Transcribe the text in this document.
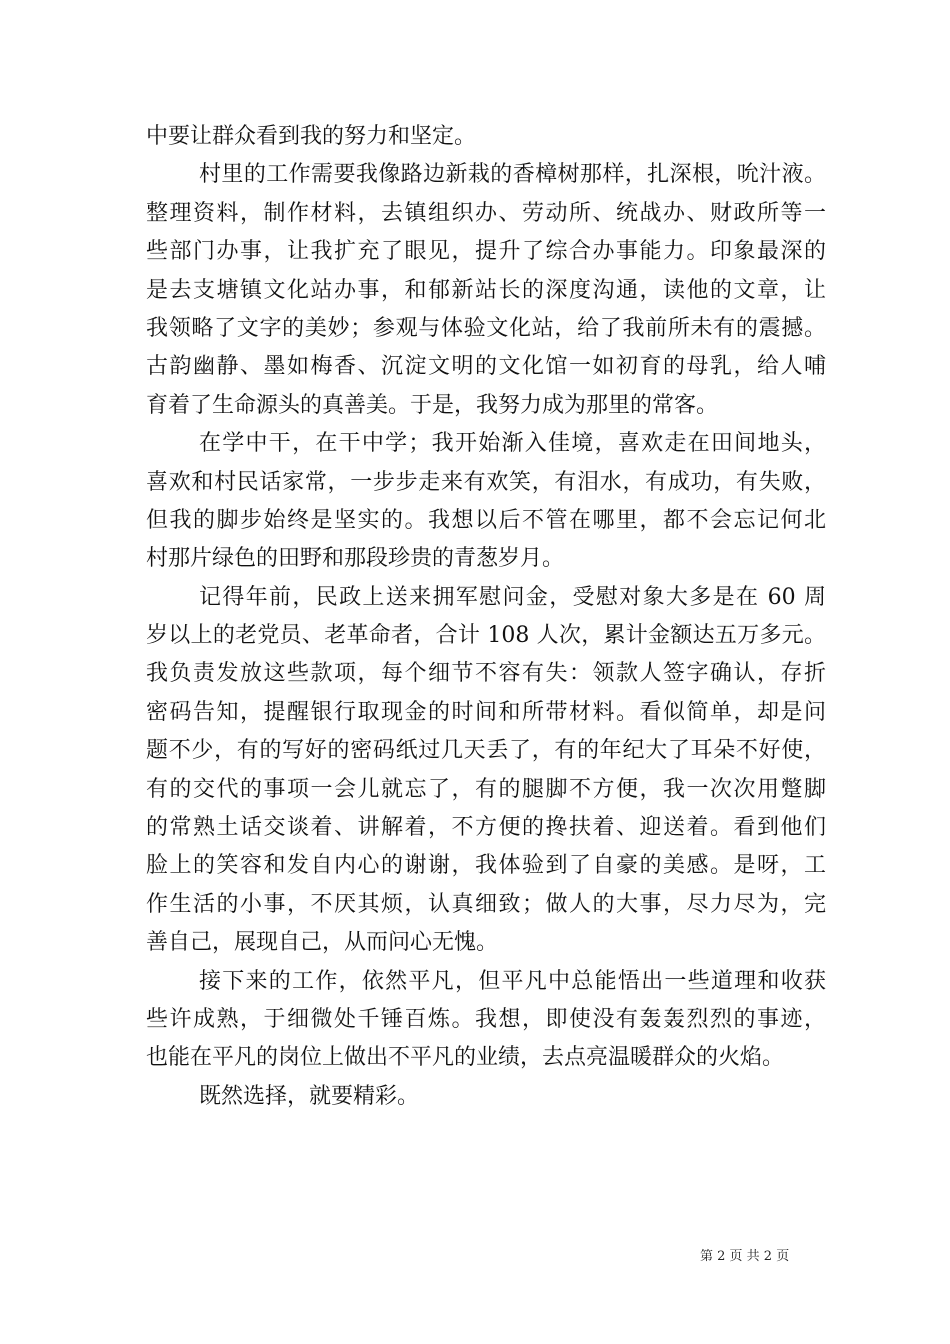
中要让群众看到我的努力和坚定。
村里的工作需要我像路边新栽的香樟树那样，扎深根，吮汁液。
整理资料，制作材料，去镇组织办、劳动所、统战办、财政所等一
些部门办事，让我扩充了眼见，提升了综合办事能力。印象最深的
是去支塘镇文化站办事，和郁新站长的深度沟通，读他的文章，让
我领略了文字的美妙；参观与体验文化站，给了我前所未有的震撼。
古韵幽静、墨如梅香、沉淀文明的文化馆一如初育的母乳，给人哺
育着了生命源头的真善美。于是，我努力成为那里的常客。
在学中干，在干中学；我开始渐入佳境，喜欢走在田间地头，
喜欢和村民话家常，一步步走来有欢笑，有泪水，有成功，有失败，
但我的脚步始终是坚实的。我想以后不管在哪里，都不会忘记何北
村那片绿色的田野和那段珍贵的青葱岁月。
记得年前，民政上送来拥军慰问金，受慰对象大多是在 60 周
岁以上的老党员、老革命者，合计 108 人次，累计金额达五万多元。
我负责发放这些款项，每个细节不容有失：领款人签字确认，存折
密码告知，提醒银行取现金的时间和所带材料。看似简单，却是问
题不少，有的写好的密码纸过几天丢了，有的年纪大了耳朵不好使，
有的交代的事项一会儿就忘了，有的腿脚不方便，我一次次用蹩脚
的常熟土话交谈着、讲解着，不方便的搀扶着、迎送着。看到他们
脸上的笑容和发自内心的谢谢，我体验到了自豪的美感。是呀，工
作生活的小事，不厌其烦，认真细致；做人的大事，尽力尽为，完
善自己，展现自己，从而问心无愧。
接下来的工作，依然平凡，但平凡中总能悟出一些道理和收获
些许成熟，于细微处千锤百炼。我想，即使没有轰轰烈烈的事迹，
也能在平凡的岗位上做出不平凡的业绩，去点亮温暖群众的火焰。
既然选择，就要精彩。
第 2 页 共 2 页
